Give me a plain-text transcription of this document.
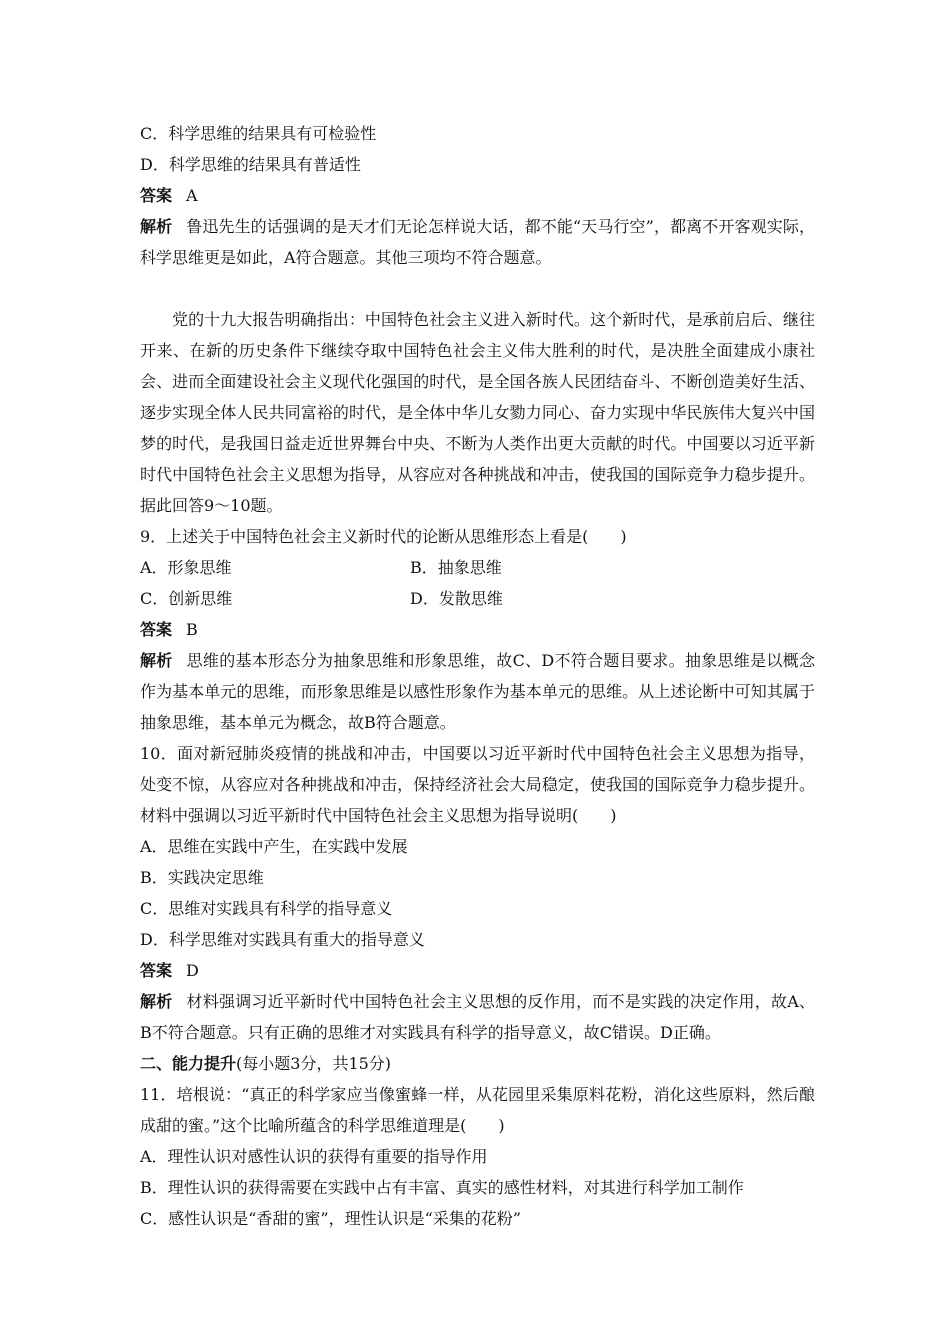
C．科学思维的结果具有可检验性
D．科学思维的结果具有普适性
答案 A
解析 鲁迅先生的话强调的是天才们无论怎样说大话，都不能“天马行空”，都离不开客观实际，科学思维更是如此，A符合题意。其他三项均不符合题意。
党的十九大报告明确指出：中国特色社会主义进入新时代。这个新时代，是承前启后、继往开来、在新的历史条件下继续夺取中国特色社会主义伟大胜利的时代，是决胜全面建成小康社会、进而全面建设社会主义现代化强国的时代，是全国各族人民团结奋斗、不断创造美好生活、逐步实现全体人民共同富裕的时代，是全体中华儿女勠力同心、奋力实现中华民族伟大复兴中国梦的时代，是我国日益走近世界舞台中央、不断为人类作出更大贡献的时代。中国要以习近平新时代中国特色社会主义思想为指导，从容应对各种挑战和冲击，使我国的国际竞争力稳步提升。据此回答9～10题。
9．上述关于中国特色社会主义新时代的论断从思维形态上看是(　　)
A．形象思维	B．抽象思维
C．创新思维	D．发散思维
答案 B
解析 思维的基本形态分为抽象思维和形象思维，故C、D不符合题目要求。抽象思维是以概念作为基本单元的思维，而形象思维是以感性形象作为基本单元的思维。从上述论断中可知其属于抽象思维，基本单元为概念，故B符合题意。
10．面对新冠肺炎疫情的挑战和冲击，中国要以习近平新时代中国特色社会主义思想为指导，处变不惊，从容应对各种挑战和冲击，保持经济社会大局稳定，使我国的国际竞争力稳步提升。材料中强调以习近平新时代中国特色社会主义思想为指导说明(　　)
A．思维在实践中产生，在实践中发展
B．实践决定思维
C．思维对实践具有科学的指导意义
D．科学思维对实践具有重大的指导意义
答案 D
解析 材料强调习近平新时代中国特色社会主义思想的反作用，而不是实践的决定作用，故A、B不符合题意。只有正确的思维才对实践具有科学的指导意义，故C错误。D正确。
二、能力提升(每小题3分，共15分)
11．培根说：“真正的科学家应当像蜜蜂一样，从花园里采集原料花粉，消化这些原料，然后酿成甜的蜜。”这个比喻所蕴含的科学思维道理是(　　)
A．理性认识对感性认识的获得有重要的指导作用
B．理性认识的获得需要在实践中占有丰富、真实的感性材料，对其进行科学加工制作
C．感性认识是“香甜的蜜”，理性认识是“采集的花粉”
